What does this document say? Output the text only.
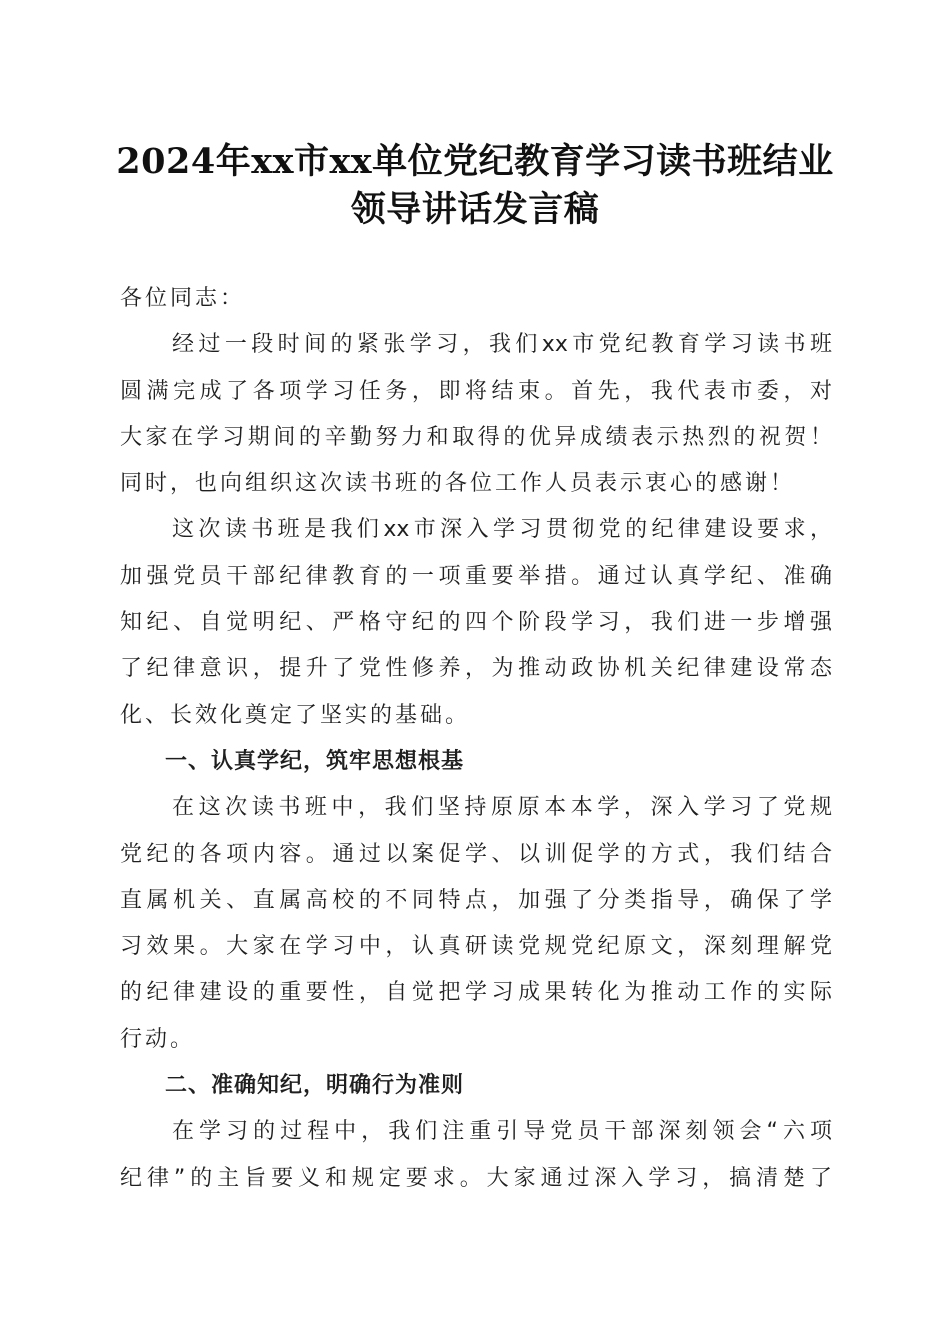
2024年xx市xx单位党纪教育学习读书班结业
领导讲话发言稿
各位同志：
经过一段时间的紧张学习，我们xx市党纪教育学习读书班
圆满完成了各项学习任务，即将结束。首先，我代表市委，对
大家在学习期间的辛勤努力和取得的优异成绩表示热烈的祝贺！
同时，也向组织这次读书班的各位工作人员表示衷心的感谢！
这次读书班是我们xx市深入学习贯彻党的纪律建设要求，
加强党员干部纪律教育的一项重要举措。通过认真学纪、准确
知纪、自觉明纪、严格守纪的四个阶段学习，我们进一步增强
了纪律意识，提升了党性修养，为推动政协机关纪律建设常态
化、长效化奠定了坚实的基础。
一、认真学纪，筑牢思想根基
在这次读书班中，我们坚持原原本本学，深入学习了党规
党纪的各项内容。通过以案促学、以训促学的方式，我们结合
直属机关、直属高校的不同特点，加强了分类指导，确保了学
习效果。大家在学习中，认真研读党规党纪原文，深刻理解党
的纪律建设的重要性，自觉把学习成果转化为推动工作的实际
行动。
二、准确知纪，明确行为准则
在学习的过程中，我们注重引导党员干部深刻领会“六项
纪律”的主旨要义和规定要求。大家通过深入学习，搞清楚了
